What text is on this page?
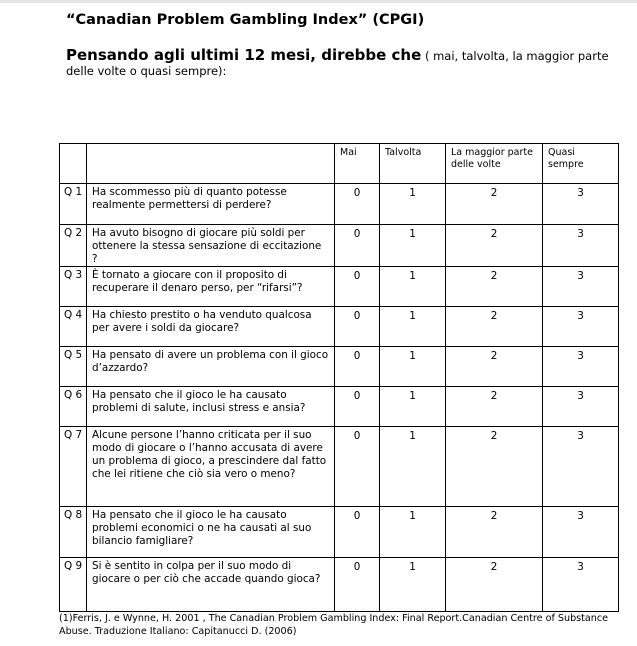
“Canadian Problem Gambling Index” (CPGI)
Pensando agli ultimi 12 mesi, direbbe che ( mai, talvolta, la maggior parte delle volte o quasi sempre):
		Mai	Talvolta	La maggior parte delle volte	Quasi sempre
Q 1	Ha scommesso più di quanto potesse realmente permettersi di perdere?	0	1	2	3
Q 2	Ha avuto bisogno di giocare più soldi per ottenere la stessa sensazione di eccitazione ?	0	1	2	3
Q 3	È tornato a giocare con il proposito di recuperare il denaro perso, per “rifarsi”?	0	1	2	3
Q 4	Ha chiesto prestito o ha venduto qualcosa per avere i soldi da giocare?	0	1	2	3
Q 5	Ha pensato di avere un problema con il gioco d’azzardo?	0	1	2	3
Q 6	Ha pensato che il gioco le ha causato problemi di salute, inclusi stress e ansia?	0	1	2	3
Q 7	Alcune persone l’hanno criticata per il suo modo di giocare o l’hanno accusata di avere un problema di gioco, a prescindere dal fatto che lei ritiene che ciò sia vero o meno?	0	1	2	3
Q 8	Ha pensato che il gioco le ha causato problemi economici o ne ha causati al suo bilancio famigliare?	0	1	2	3
Q 9	Si è sentito in colpa per il suo modo di giocare o per ciò che accade quando gioca?	0	1	2	3
(1)Ferris, J. e Wynne, H. 2001 , The Canadian Problem Gambling Index: Final Report.Canadian Centre of Substance Abuse. Traduzione Italiano: Capitanucci D. (2006)
